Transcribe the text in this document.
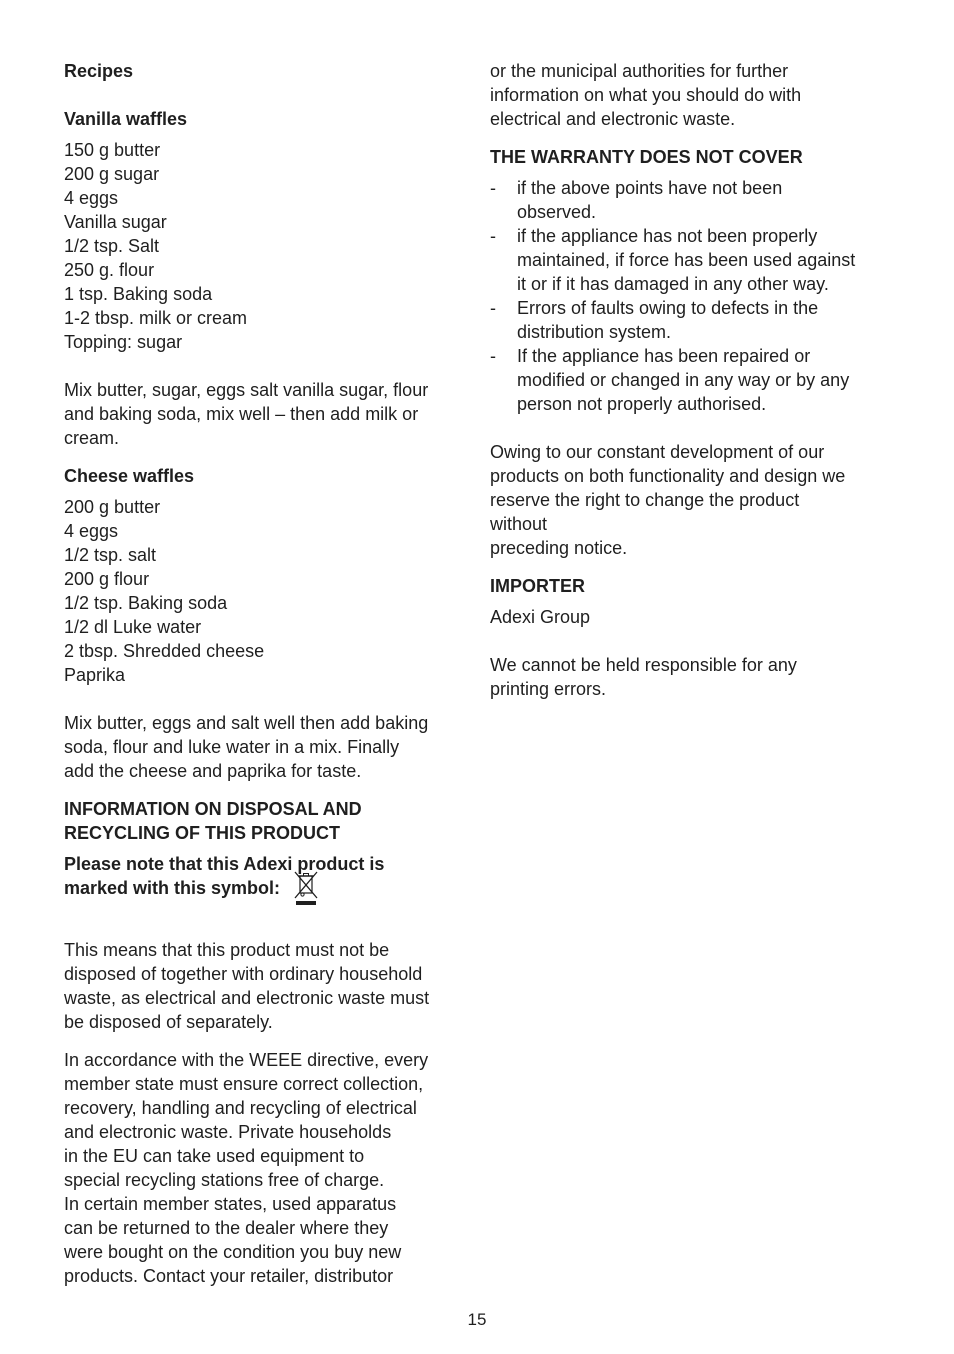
Recipes
Vanilla waffles
150 g butter
200 g sugar
4 eggs
Vanilla sugar
1/2 tsp. Salt
250 g. flour
1 tsp. Baking soda
1-2 tbsp. milk or cream
Topping: sugar
Mix butter, sugar, eggs salt vanilla sugar, flour
and baking soda, mix well – then add milk or
cream.
Cheese waffles
200 g butter
4 eggs
1/2 tsp. salt
200 g flour
1/2 tsp. Baking soda
1/2 dl Luke water
2 tbsp. Shredded cheese
Paprika
Mix butter, eggs and salt well then add baking
soda, flour and luke water in a mix. Finally
add the cheese and paprika for taste.
INFORMATION ON DISPOSAL AND
RECYCLING OF THIS PRODUCT
Please note that this Adexi product is
marked with this symbol:
This means that this product must not be
disposed of together with ordinary household
waste, as electrical and electronic waste must
be disposed of separately.
In accordance with the WEEE directive, every
member state must ensure correct collection,
recovery, handling and recycling of electrical
and electronic waste. Private households
in the EU can take used equipment to
special recycling stations free of charge.
In certain member states, used apparatus
can be returned to the dealer where they
were bought on the condition you buy new
products. Contact your retailer, distributor
or the municipal authorities for further
information on what you should do with
electrical and electronic waste.
THE WARRANTY DOES NOT COVER
- if the above points have not been
observed.
- if the appliance has not been properly
maintained, if force has been used against
it or if it has damaged in any other way.
- Errors of faults owing to defects in the
distribution system.
- If the appliance has been repaired or
modified or changed in any way or by any
person not properly authorised.
Owing to our constant development of our
products on both functionality and design we
reserve the right to change the product
without
preceding notice.
IMPORTER
Adexi Group
We cannot be held responsible for any
printing errors.
15
